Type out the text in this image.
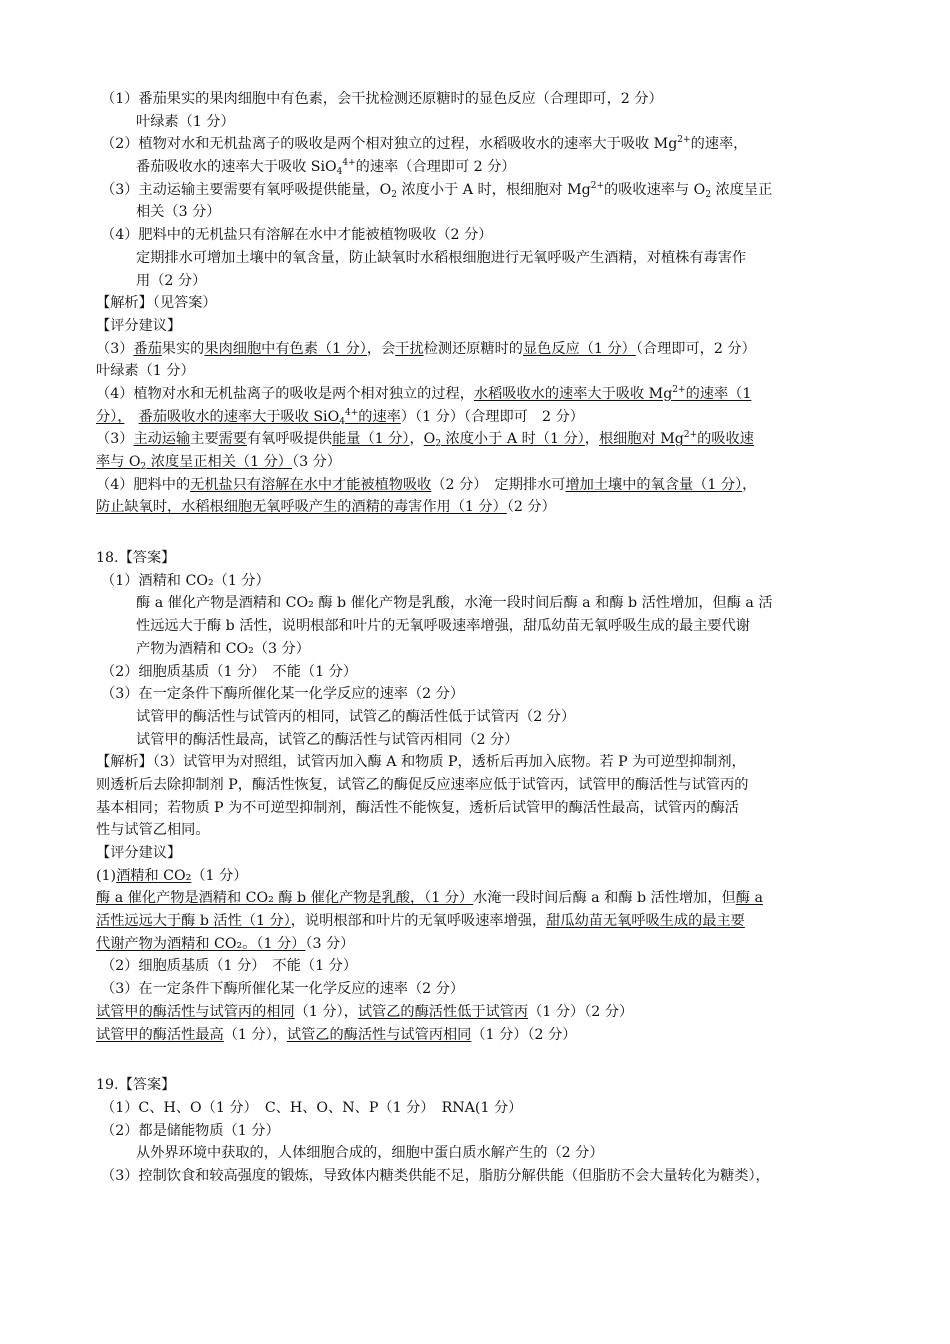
（1）番茄果实的果肉细胞中有色素，会干扰检测还原糖时的显色反应（合理即可，2 分）
叶绿素（1 分）
（2）植物对水和无机盐离子的吸收是两个相对独立的过程，水稻吸收水的速率大于吸收 $Mg^{2+}$的速率，
番茄吸收水的速率大于吸收 SiO$_4^{4+}$的速率（合理即可 2 分）
（3）主动运输主要需要有氧呼吸提供能量，$O_2$ 浓度小于 A 时，根细胞对 $Mg^{2+}$的吸收速率与 $O_2$ 浓度呈正
相关（3 分）
（4）肥料中的无机盐只有溶解在水中才能被植物吸收（2 分）
定期排水可增加土壤中的氧含量，防止缺氧时水稻根细胞进行无氧呼吸产生酒精，对植株有毒害作
用（2 分）
【解析】（见答案）
【评分建议】
（3）番茄果实的果肉细胞中有色素（1 分），会干扰检测还原糖时的显色反应（1 分）（合理即可，2 分）
叶绿素（1 分）
（4）植物对水和无机盐离子的吸收是两个相对独立的过程，水稻吸收水的速率大于吸收 $Mg^{2+}$的速率（1
分），　 番茄吸收水的速率大于吸收 SiO$_4^{4+}$的速率）（1 分）（合理即可　2 分）
（3）主动运输主要需要有氧呼吸提供能量（1 分），$O_2$ 浓度小于 A 时（1 分），根细胞对 $Mg^{2+}$的吸收速
率与 $O_2$ 浓度呈正相关（1 分）（3 分）
（4）肥料中的无机盐只有溶解在水中才能被植物吸收（2 分）　定期排水可增加土壤中的氧含量（1 分），
防止缺氧时，水稻根细胞无氧呼吸产生的酒精的毒害作用（1 分）（2 分）
18.【答案】
（1）酒精和 CO₂（1 分）
酶 a 催化产物是酒精和 CO₂ 酶 b 催化产物是乳酸，水淹一段时间后酶 a 和酶 b 活性增加，但酶 a 活
性远远大于酶 b 活性，说明根部和叶片的无氧呼吸速率增强，甜瓜幼苗无氧呼吸生成的最主要代谢
产物为酒精和 CO₂（3 分）
（2）细胞质基质（1 分）　不能（1 分）
（3）在一定条件下酶所催化某一化学反应的速率（2 分）
试管甲的酶活性与试管丙的相同，试管乙的酶活性低于试管丙（2 分）
试管甲的酶活性最高，试管乙的酶活性与试管丙相同（2 分）
【解析】（3）试管甲为对照组，试管丙加入酶 A 和物质 P，透析后再加入底物。若 P 为可逆型抑制剂，
则透析后去除抑制剂 P，酶活性恢复，试管乙的酶促反应速率应低于试管丙，试管甲的酶活性与试管丙的
基本相同；若物质 P 为不可逆型抑制剂，酶活性不能恢复，透析后试管甲的酶活性最高，试管丙的酶活
性与试管乙相同。
【评分建议】
(1)酒精和 CO₂（1 分）
酶 a 催化产物是酒精和 CO₂ 酶 b 催化产物是乳酸，（1 分）水淹一段时间后酶 a 和酶 b 活性增加，但酶 a
活性远远大于酶 b 活性（1 分），说明根部和叶片的无氧呼吸速率增强，甜瓜幼苗无氧呼吸生成的最主要
代谢产物为酒精和 CO₂。（1 分）（3 分）
（2）细胞质基质（1 分）　不能（1 分）
（3）在一定条件下酶所催化某一化学反应的速率（2 分）
试管甲的酶活性与试管丙的相同（1 分），试管乙的酶活性低于试管丙（1 分）（2 分）
试管甲的酶活性最高（1 分），试管乙的酶活性与试管丙相同（1 分）（2 分）
19.【答案】
（1）C、H、O（1 分）　C、H、O、N、P（1 分）　RNA(1 分）
（2）都是储能物质（1 分）
从外界环境中获取的，人体细胞合成的，细胞中蛋白质水解产生的（2 分）
（3）控制饮食和较高强度的锻炼，导致体内糖类供能不足，脂肪分解供能（但脂肪不会大量转化为糖类），
